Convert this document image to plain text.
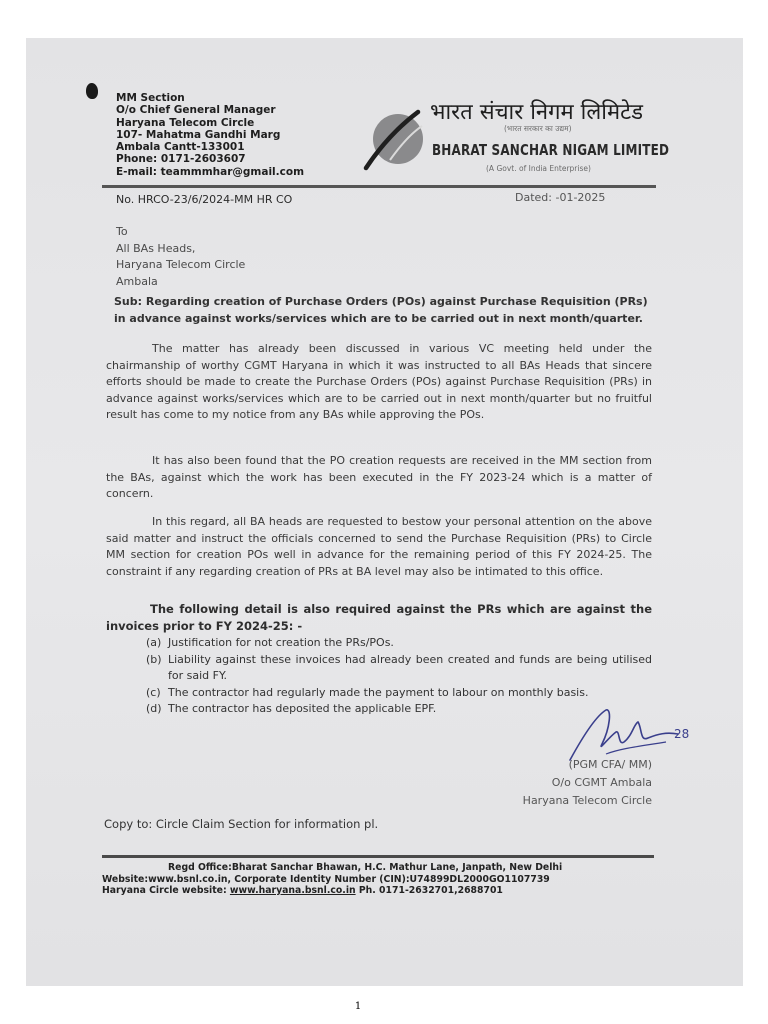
MM Section
O/o Chief General Manager
Haryana Telecom Circle
107- Mahatma Gandhi Marg
Ambala Cantt-133001
Phone: 0171-2603607
E-mail: teammmhar@gmail.com
भारत संचार निगम लिमिटेड
(भारत सरकार का उद्यम)
BHARAT SANCHAR NIGAM LIMITED
(A Govt. of India Enterprise)
No. HRCO-23/6/2024-MM HR CO	Dated: -01-2025
To
All BAs Heads,
Haryana Telecom Circle
Ambala
Sub: Regarding creation of Purchase Orders (POs) against Purchase Requisition (PRs) in advance against works/services which are to be carried out in next month/quarter.
The matter has already been discussed in various VC meeting held under the chairmanship of worthy CGMT Haryana in which it was instructed to all BAs Heads that sincere efforts should be made to create the Purchase Orders (POs) against Purchase Requisition (PRs) in advance against works/services which are to be carried out in next month/quarter but no fruitful result has come to my notice from any BAs while approving the POs.
It has also been found that the PO creation requests are received in the MM section from the BAs, against which the work has been executed in the FY 2023-24 which is a matter of concern.
In this regard, all BA heads are requested to bestow your personal attention on the above said matter and instruct the officials concerned to send the Purchase Requisition (PRs) to Circle MM section for creation POs well in advance for the remaining period of this FY 2024-25. The constraint if any regarding creation of PRs at BA level may also be intimated to this office.
The following detail is also required against the PRs which are against the invoices prior to FY 2024-25: -
(a) Justification for not creation the PRs/POs.
(b) Liability against these invoices had already been created and funds are being utilised for said FY.
(c) The contractor had regularly made the payment to labour on monthly basis.
(d) The contractor has deposited the applicable EPF.
28
(PGM CFA/ MM)
O/o CGMT Ambala
Haryana Telecom Circle
Copy to: Circle Claim Section for information pl.
Regd Office:Bharat Sanchar Bhawan, H.C. Mathur Lane, Janpath, New Delhi
Website:www.bsnl.co.in, Corporate Identity Number (CIN):U74899DL2000GO1107739
Haryana Circle website: www.haryana.bsnl.co.in Ph. 0171-2632701,2688701
1
